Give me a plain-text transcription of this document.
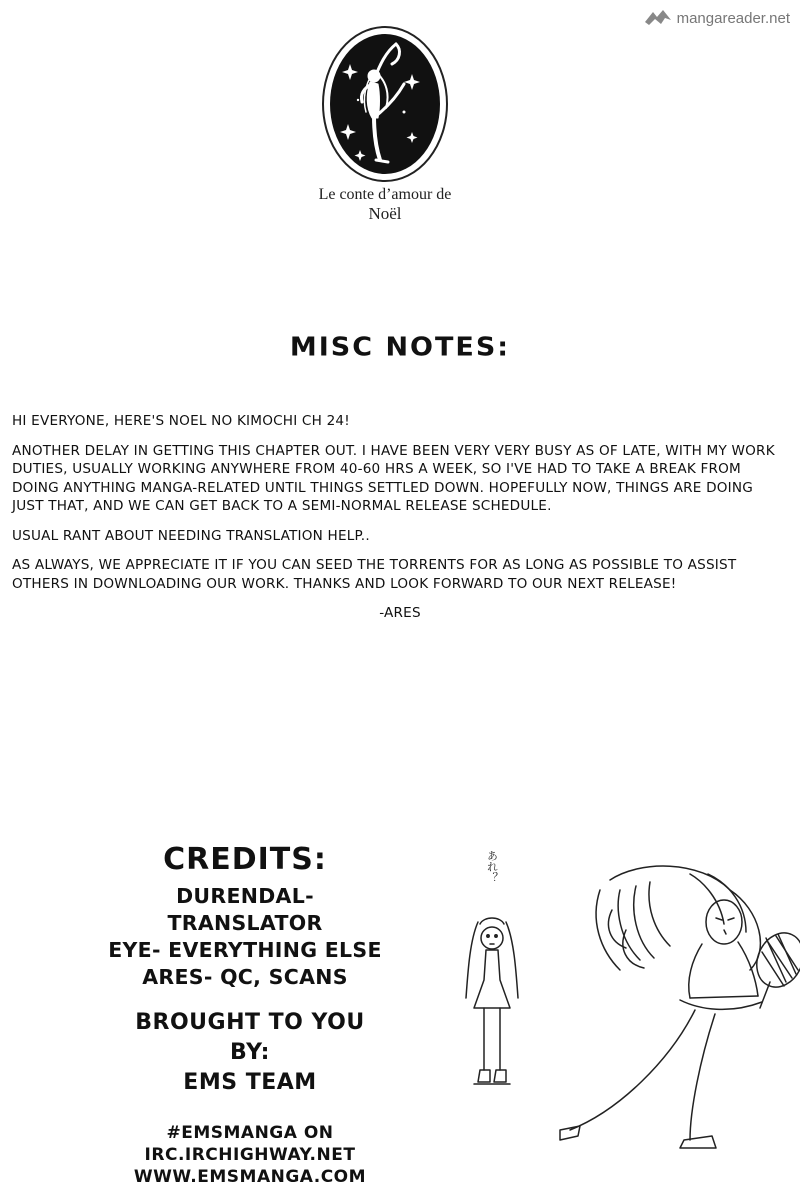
mangareader.net
Le conte d’amour de
Noël
MISC NOTES:

HI EVERYONE, HERE'S NOEL NO KIMOCHI CH 24!

ANOTHER DELAY IN GETTING THIS CHAPTER OUT. I HAVE BEEN VERY VERY BUSY AS OF LATE, WITH MY WORK DUTIES, USUALLY WORKING ANYWHERE FROM 40-60 HRS A WEEK, SO I'VE HAD TO TAKE A BREAK FROM DOING ANYTHING MANGA-RELATED UNTIL THINGS SETTLED DOWN. HOPEFULLY NOW, THINGS ARE DOING JUST THAT, AND WE CAN GET BACK TO A SEMI-NORMAL RELEASE SCHEDULE.

USUAL RANT ABOUT NEEDING TRANSLATION HELP..

AS ALWAYS, WE APPRECIATE IT IF YOU CAN SEED THE TORRENTS FOR AS LONG AS POSSIBLE TO ASSIST OTHERS IN DOWNLOADING OUR WORK. THANKS AND LOOK FORWARD TO OUR NEXT RELEASE!

-ARES

CREDITS:
DURENDAL- TRANSLATOR
EYE- EVERYTHING ELSE
ARES- QC, SCANS
BROUGHT TO YOU
BY:
EMS TEAM
#EMSMANGA ON
IRC.IRCHIGHWAY.NET
WWW.EMSMANGA.COM
あれ？
